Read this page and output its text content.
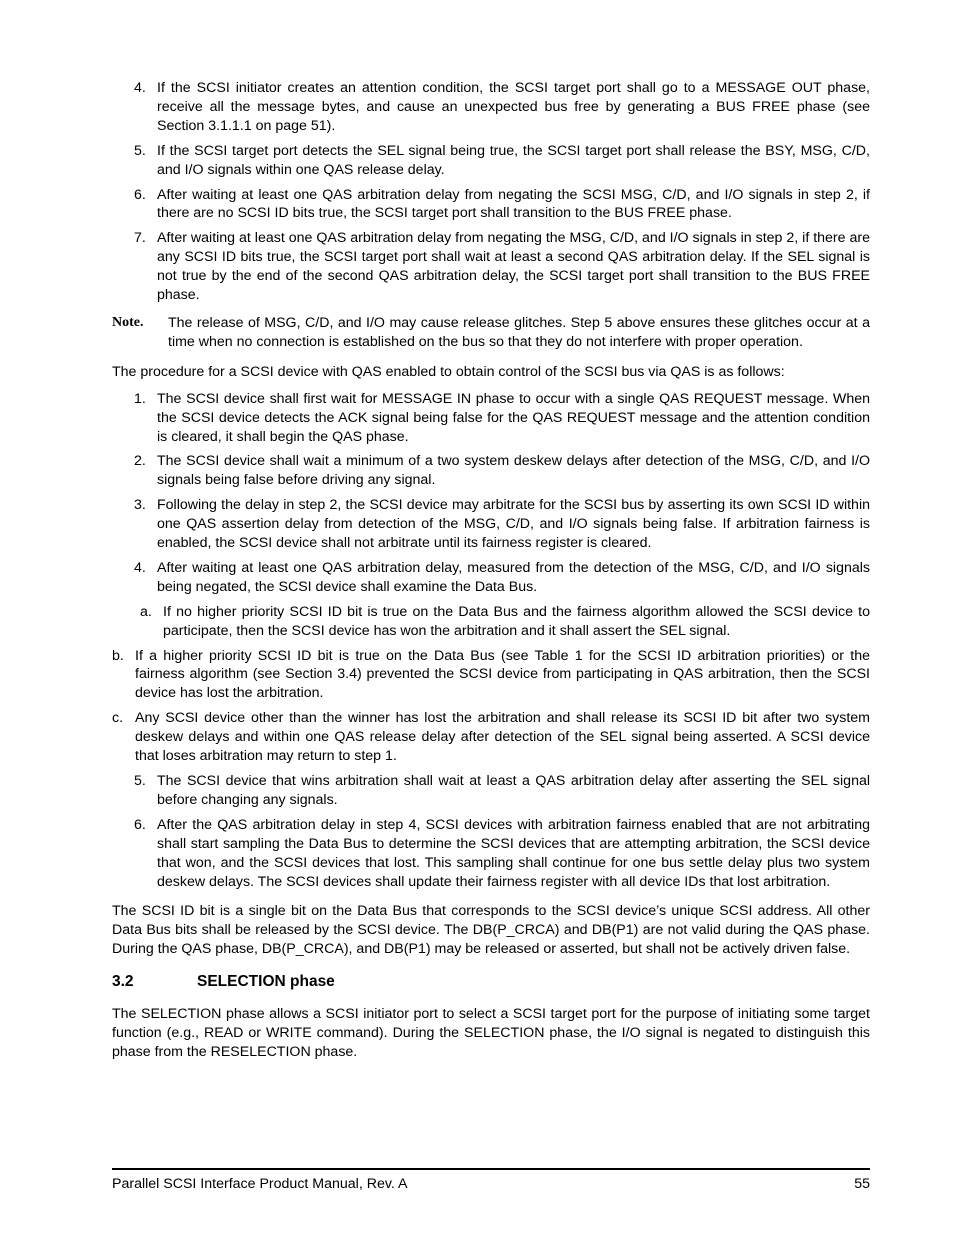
4. If the SCSI initiator creates an attention condition, the SCSI target port shall go to a MESSAGE OUT phase, receive all the message bytes, and cause an unexpected bus free by generating a BUS FREE phase (see Section 3.1.1.1 on page 51).

5. If the SCSI target port detects the SEL signal being true, the SCSI target port shall release the BSY, MSG, C/D, and I/O signals within one QAS release delay.

6. After waiting at least one QAS arbitration delay from negating the SCSI MSG, C/D, and I/O signals in step 2, if there are no SCSI ID bits true, the SCSI target port shall transition to the BUS FREE phase.

7. After waiting at least one QAS arbitration delay from negating the MSG, C/D, and I/O signals in step 2, if there are any SCSI ID bits true, the SCSI target port shall wait at least a second QAS arbitration delay. If the SEL signal is not true by the end of the second QAS arbitration delay, the SCSI target port shall transition to the BUS FREE phase.

Note. The release of MSG, C/D, and I/O may cause release glitches. Step 5 above ensures these glitches occur at a time when no connection is established on the bus so that they do not interfere with proper operation.

The procedure for a SCSI device with QAS enabled to obtain control of the SCSI bus via QAS is as follows:

1. The SCSI device shall first wait for MESSAGE IN phase to occur with a single QAS REQUEST message. When the SCSI device detects the ACK signal being false for the QAS REQUEST message and the attention condition is cleared, it shall begin the QAS phase.

2. The SCSI device shall wait a minimum of a two system deskew delays after detection of the MSG, C/D, and I/O signals being false before driving any signal.

3. Following the delay in step 2, the SCSI device may arbitrate for the SCSI bus by asserting its own SCSI ID within one QAS assertion delay from detection of the MSG, C/D, and I/O signals being false. If arbitration fairness is enabled, the SCSI device shall not arbitrate until its fairness register is cleared.

4. After waiting at least one QAS arbitration delay, measured from the detection of the MSG, C/D, and I/O signals being negated, the SCSI device shall examine the Data Bus.

a. If no higher priority SCSI ID bit is true on the Data Bus and the fairness algorithm allowed the SCSI device to participate, then the SCSI device has won the arbitration and it shall assert the SEL signal.

b. If a higher priority SCSI ID bit is true on the Data Bus (see Table 1 for the SCSI ID arbitration priorities) or the fairness algorithm (see Section 3.4) prevented the SCSI device from participating in QAS arbitration, then the SCSI device has lost the arbitration.

c. Any SCSI device other than the winner has lost the arbitration and shall release its SCSI ID bit after two system deskew delays and within one QAS release delay after detection of the SEL signal being asserted. A SCSI device that loses arbitration may return to step 1.

5. The SCSI device that wins arbitration shall wait at least a QAS arbitration delay after asserting the SEL signal before changing any signals.

6. After the QAS arbitration delay in step 4, SCSI devices with arbitration fairness enabled that are not arbitrating shall start sampling the Data Bus to determine the SCSI devices that are attempting arbitration, the SCSI device that won, and the SCSI devices that lost. This sampling shall continue for one bus settle delay plus two system deskew delays. The SCSI devices shall update their fairness register with all device IDs that lost arbitration.

The SCSI ID bit is a single bit on the Data Bus that corresponds to the SCSI device’s unique SCSI address. All other Data Bus bits shall be released by the SCSI device. The DB(P_CRCA) and DB(P1) are not valid during the QAS phase. During the QAS phase, DB(P_CRCA), and DB(P1) may be released or asserted, but shall not be actively driven false.

3.2	SELECTION phase

The SELECTION phase allows a SCSI initiator port to select a SCSI target port for the purpose of initiating some target function (e.g., READ or WRITE command). During the SELECTION phase, the I/O signal is negated to distinguish this phase from the RESELECTION phase.

Parallel SCSI Interface Product Manual, Rev. A	55
